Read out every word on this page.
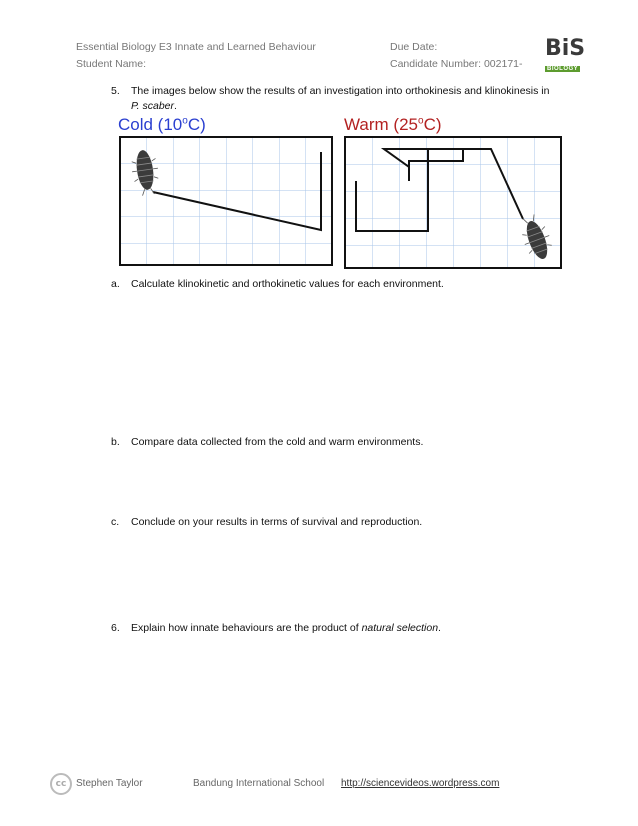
Essential Biology E3 Innate and Learned Behaviour
Student Name:
Due Date:
Candidate Number: 002171-
BiS
BIOLOGY
5. The images below show the results of an investigation into orthokinesis and klinokinesis in
P. scaber.
Cold (10$^o$C)	Warm (25$^o$C)
a. Calculate klinokinetic and orthokinetic values for each environment.
b. Compare data collected from the cold and warm environments.
c. Conclude on your results in terms of survival and reproduction.
6. Explain how innate behaviours are the product of natural selection.
cc Stephen Taylor	Bandung International School http://sciencevideos.wordpress.com
